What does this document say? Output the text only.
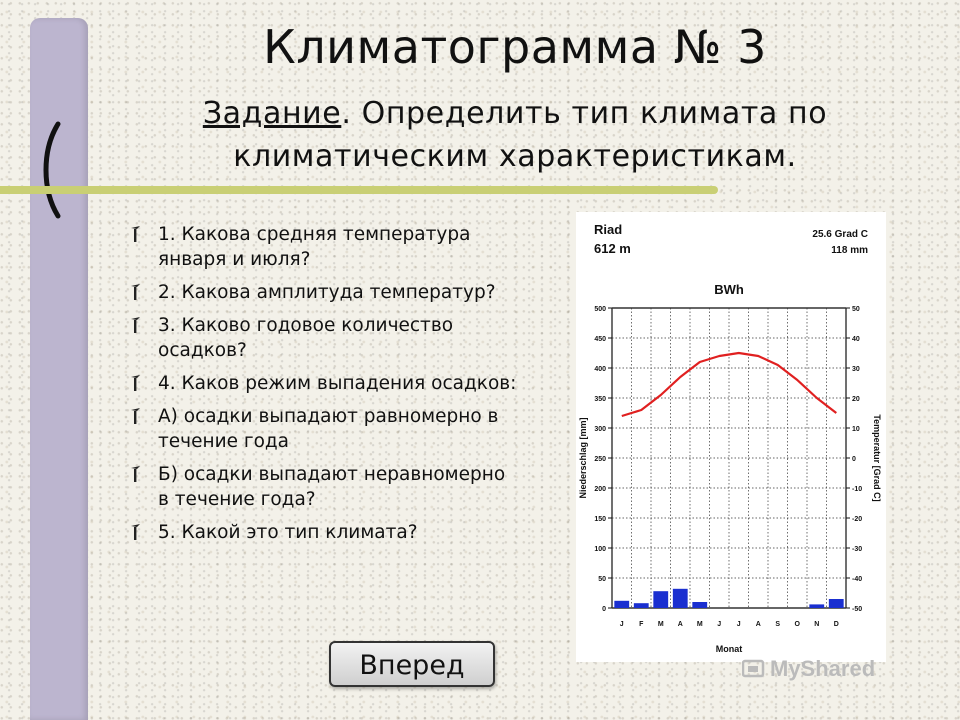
Климатограмма № 3
Задание. Определить тип климата по
климатическим характеристикам.
1. Какова средняя температура января и июля?
2. Какова амплитуда температур?
3. Каково годовое количество осадков?
4. Каков режим выпадения осадков:
А) осадки выпадают равномерно в течение года
Б) осадки выпадают неравномерно в течение года?
5. Какой это тип климата?
Вперед
Riad
612 m
25.6 Grad C
118 mm
BWh
0
50
100
150
200
250
300
350
400
450
500
-50
-40
-30
-20
-10
0
10
20
30
40
50
J F M A M J J A S O N D
Monat
Niederschlag [mm]	Temperatur [Grad C]
MyShared
